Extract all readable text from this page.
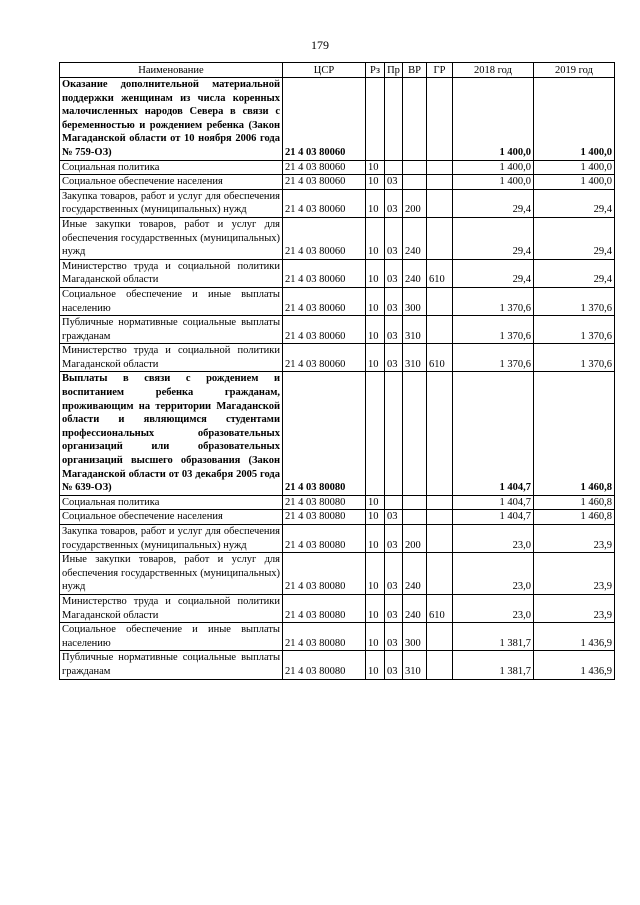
179
Наименование	ЦСР	Рз	Пр	ВР	ГР	2018 год	2019 год
Оказание дополнительной материальной поддержки женщинам из числа коренных малочисленных народов Севера в связи с беременностью и рождением ребенка (Закон Магаданской области от 10 ноября 2006 года № 759-ОЗ)	21 4 03 80060					1 400,0	1 400,0
Социальная политика	21 4 03 80060	10				1 400,0	1 400,0
Социальное обеспечение населения	21 4 03 80060	10	03			1 400,0	1 400,0
Закупка товаров, работ и услуг для обеспечения государственных (муниципальных) нужд	21 4 03 80060	10	03	200		29,4	29,4
Иные закупки товаров, работ и услуг для обеспечения государственных (муниципальных) нужд	21 4 03 80060	10	03	240		29,4	29,4
Министерство труда и социальной политики Магаданской области	21 4 03 80060	10	03	240	610	29,4	29,4
Социальное обеспечение и иные выплаты населению	21 4 03 80060	10	03	300		1 370,6	1 370,6
Публичные нормативные социальные выплаты гражданам	21 4 03 80060	10	03	310		1 370,6	1 370,6
Министерство труда и социальной политики Магаданской области	21 4 03 80060	10	03	310	610	1 370,6	1 370,6
Выплаты в связи с рождением и воспитанием ребенка гражданам, проживающим на территории Магаданской области и являющимся студентами профессиональных образовательных организаций или образовательных организаций высшего образования (Закон Магаданской области от 03 декабря 2005 года № 639-ОЗ)	21 4 03 80080					1 404,7	1 460,8
Социальная политика	21 4 03 80080	10				1 404,7	1 460,8
Социальное обеспечение населения	21 4 03 80080	10	03			1 404,7	1 460,8
Закупка товаров, работ и услуг для обеспечения государственных (муниципальных) нужд	21 4 03 80080	10	03	200		23,0	23,9
Иные закупки товаров, работ и услуг для обеспечения государственных (муниципальных) нужд	21 4 03 80080	10	03	240		23,0	23,9
Министерство труда и социальной политики Магаданской области	21 4 03 80080	10	03	240	610	23,0	23,9
Социальное обеспечение и иные выплаты населению	21 4 03 80080	10	03	300		1 381,7	1 436,9
Публичные нормативные социальные выплаты гражданам	21 4 03 80080	10	03	310		1 381,7	1 436,9
